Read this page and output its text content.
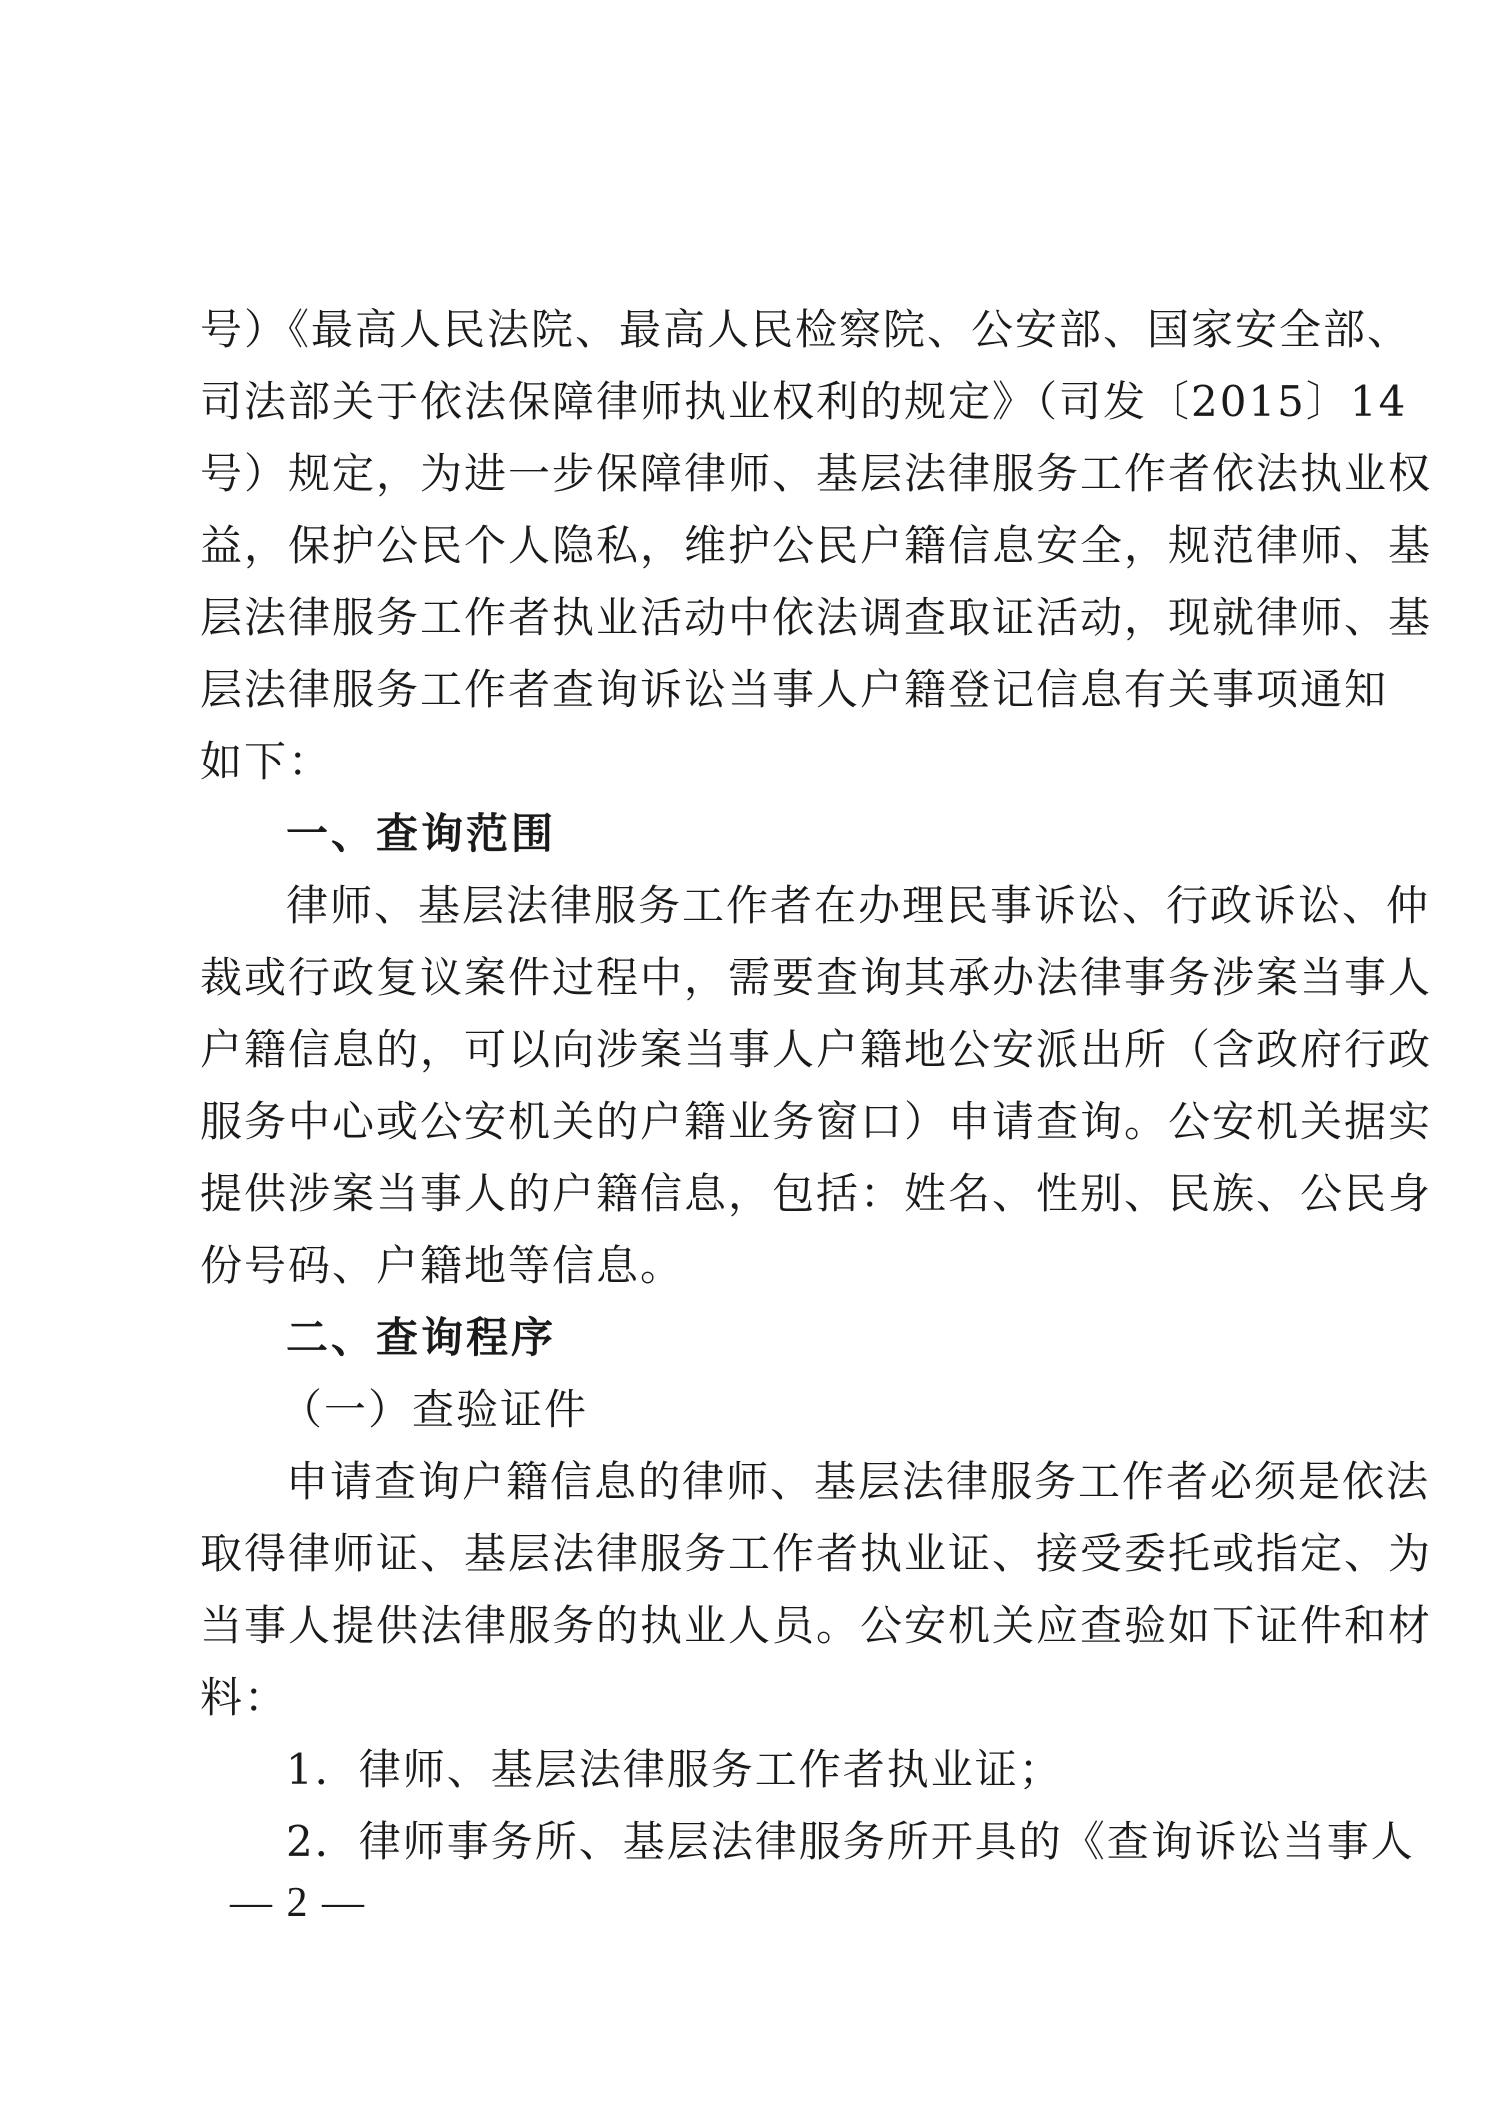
号）《最高人民法院、最高人民检察院、公安部、国家安全部、
司法部关于依法保障律师执业权利的规定》（司发〔2015〕14
号）规定，为进一步保障律师、基层法律服务工作者依法执业权
益，保护公民个人隐私，维护公民户籍信息安全，规范律师、基
层法律服务工作者执业活动中依法调查取证活动，现就律师、基
层法律服务工作者查询诉讼当事人户籍登记信息有关事项通知
如下：
一、查询范围
律师、基层法律服务工作者在办理民事诉讼、行政诉讼、仲
裁或行政复议案件过程中，需要查询其承办法律事务涉案当事人
户籍信息的，可以向涉案当事人户籍地公安派出所（含政府行政
服务中心或公安机关的户籍业务窗口）申请查询。公安机关据实
提供涉案当事人的户籍信息，包括：姓名、性别、民族、公民身
份号码、户籍地等信息。
二、查询程序
（一）查验证件
申请查询户籍信息的律师、基层法律服务工作者必须是依法
取得律师证、基层法律服务工作者执业证、接受委托或指定、为
当事人提供法律服务的执业人员。公安机关应查验如下证件和材
料：
1．律师、基层法律服务工作者执业证；
2．律师事务所、基层法律服务所开具的《查询诉讼当事人
— 2 —
